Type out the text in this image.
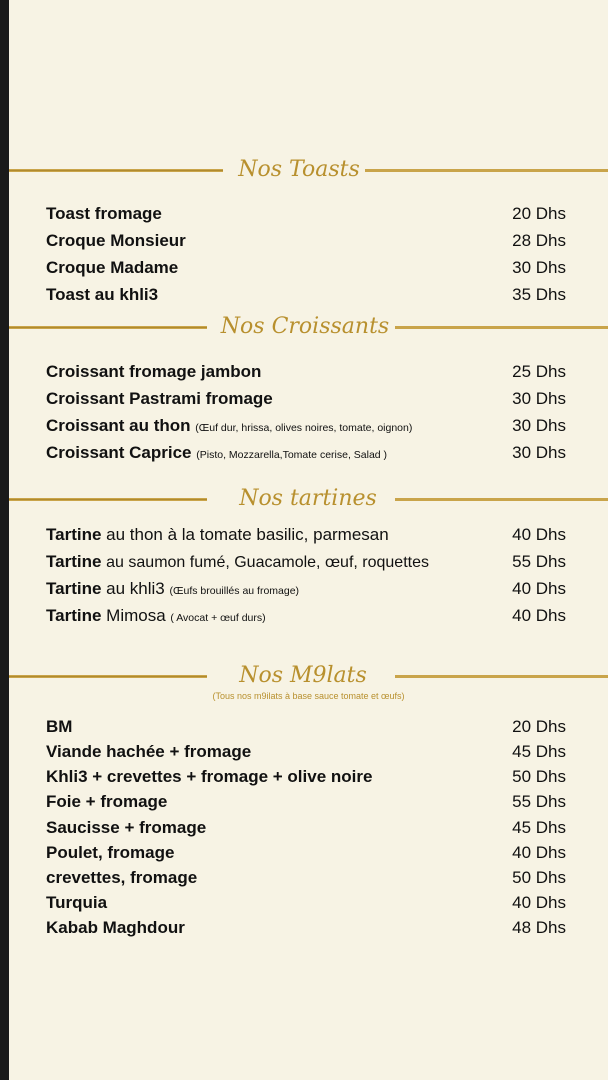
Nos Toasts
Toast fromage	20 Dhs
Croque Monsieur	28 Dhs
Croque Madame	30 Dhs
Toast au khli3	35 Dhs
Nos Croissants
Croissant fromage jambon	25 Dhs
Croissant Pastrami fromage	30 Dhs
Croissant au thon (Œuf dur, hrissa, olives noires, tomate, oignon)	30 Dhs
Croissant Caprice (Pisto, Mozzarella,Tomate cerise, Salad )	30 Dhs
Nos tartines
Tartine au thon à la tomate basilic, parmesan	40 Dhs
Tartine au saumon fumé, Guacamole, œuf, roquettes	55 Dhs
Tartine au khli3 (Œufs brouillés au fromage)	40 Dhs
Tartine Mimosa ( Avocat + œuf durs)	40 Dhs
Nos M9lats
(Tous nos m9ilats à base sauce tomate et œufs)
BM	20 Dhs
Viande hachée + fromage	45 Dhs
Khli3 + crevettes + fromage + olive noire	50 Dhs
Foie + fromage	55 Dhs
Saucisse + fromage	45 Dhs
Poulet, fromage	40 Dhs
crevettes, fromage	50 Dhs
Turquia	40 Dhs
Kabab Maghdour	48 Dhs
